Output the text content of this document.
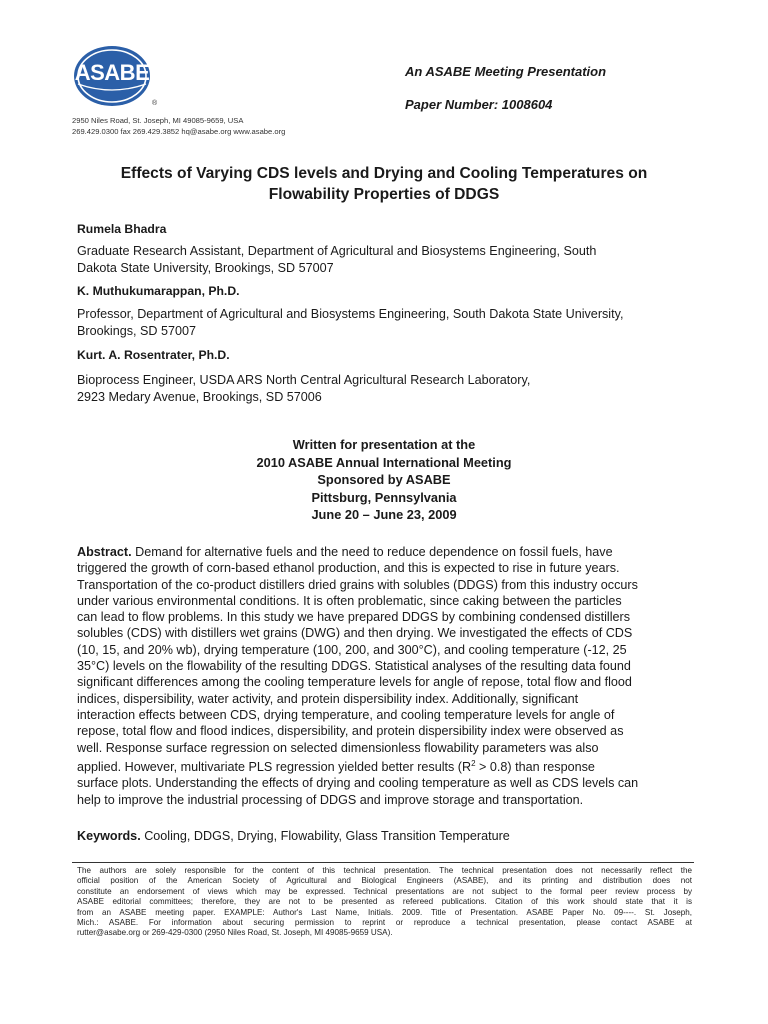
ASABE
®
2950 Niles Road, St. Joseph, MI 49085-9659, USA
269.429.0300 fax 269.429.3852 hq@asabe.org www.asabe.org
An ASABE Meeting Presentation
Paper Number: 1008604
Effects of Varying CDS levels and Drying and Cooling Temperatures on
Flowability Properties of DDGS
Rumela Bhadra
Graduate Research Assistant, Department of Agricultural and Biosystems Engineering, South
Dakota State University, Brookings, SD 57007
K. Muthukumarappan, Ph.D.
Professor, Department of Agricultural and Biosystems Engineering, South Dakota State University,
Brookings, SD 57007
Kurt. A. Rosentrater, Ph.D.
Bioprocess Engineer, USDA ARS North Central Agricultural Research Laboratory,
2923 Medary Avenue, Brookings, SD 57006
Written for presentation at the
2010 ASABE Annual International Meeting
Sponsored by ASABE
Pittsburg, Pennsylvania
June 20 – June 23, 2009
Abstract. Demand for alternative fuels and the need to reduce dependence on fossil fuels, have
triggered the growth of corn-based ethanol production, and this is expected to rise in future years.
Transportation of the co-product distillers dried grains with solubles (DDGS) from this industry occurs
under various environmental conditions. It is often problematic, since caking between the particles
can lead to flow problems. In this study we have prepared DDGS by combining condensed distillers
solubles (CDS) with distillers wet grains (DWG) and then drying. We investigated the effects of CDS
(10, 15, and 20% wb), drying temperature (100, 200, and 300°C), and cooling temperature (-12, 25
35°C) levels on the flowability of the resulting DDGS. Statistical analyses of the resulting data found
significant differences among the cooling temperature levels for angle of repose, total flow and flood
indices, dispersibility, water activity, and protein dispersibility index. Additionally, significant
interaction effects between CDS, drying temperature, and cooling temperature levels for angle of
repose, total flow and flood indices, dispersibility, and protein dispersibility index were observed as
well. Response surface regression on selected dimensionless flowability parameters was also
applied. However, multivariate PLS regression yielded better results $(R^2 > 0.8)$ than response
surface plots. Understanding the effects of drying and cooling temperature as well as CDS levels can
help to improve the industrial processing of DDGS and improve storage and transportation.
Keywords. Cooling, DDGS, Drying, Flowability, Glass Transition Temperature
The authors are solely responsible for the content of this technical presentation. The technical presentation does not necessarily reflect the
official position of the American Society of Agricultural and Biological Engineers (ASABE), and its printing and distribution does not
constitute an endorsement of views which may be expressed. Technical presentations are not subject to the formal peer review process by
ASABE editorial committees; therefore, they are not to be presented as refereed publications. Citation of this work should state that it is
from an ASABE meeting paper. EXAMPLE: Author's Last Name, Initials. 2009. Title of Presentation. ASABE Paper No. 09----. St. Joseph,
Mich.: ASABE. For information about securing permission to reprint or reproduce a technical presentation, please contact ASABE at
rutter@asabe.org or 269-429-0300 (2950 Niles Road, St. Joseph, MI 49085-9659 USA).
